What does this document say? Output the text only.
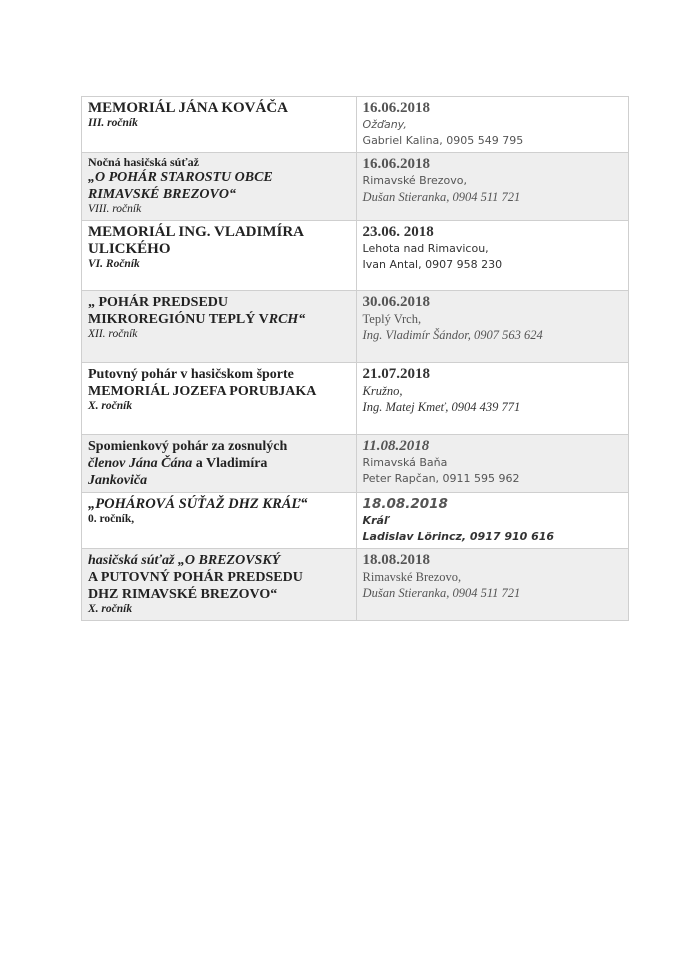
MEMORIÁL JÁNA KOVÁČA
III. ročník	16.06.2018
Ožďany,
Gabriel Kalina, 0905 549 795

Nočná hasičská súťaž
„O POHÁR STAROSTU OBCE
RIMAVSKÉ BREZOVO“
VIII. ročník	16.06.2018
Rimavské Brezovo,
Dušan Stieranka, 0904 511 721

MEMORIÁL ING. VLADIMÍRA
ULICKÉHO
VI. Ročník	23.06. 2018
Lehota nad Rimavicou,
Ivan Antal, 0907 958 230

„ POHÁR PREDSEDU
MIKROREGIÓNU TEPLÝ VRCH“
XII. ročník	30.06.2018
Teplý Vrch,
Ing. Vladimír Šándor, 0907 563 624

Putovný pohár v hasičskom športe
MEMORIÁL JOZEFA PORUBJAKA
X. ročník	21.07.2018
Kružno,
Ing. Matej Kmeť, 0904 439 771

Spomienkový pohár za zosnulých
členov Jána Čána a Vladimíra
Jankoviča	11.08.2018
Rimavská Baňa
Peter Rapčan, 0911 595 962

„POHÁROVÁ SÚŤAŽ DHZ KRÁĽ“
0. ročník,	18.08.2018
Kráľ
Ladislav Lörincz, 0917 910 616

hasičská súťaž „O BREZOVSKÝ
A PUTOVNÝ POHÁR PREDSEDU
DHZ RIMAVSKÉ BREZOVO“
X. ročník	18.08.2018
Rimavské Brezovo,
Dušan Stieranka, 0904 511 721
